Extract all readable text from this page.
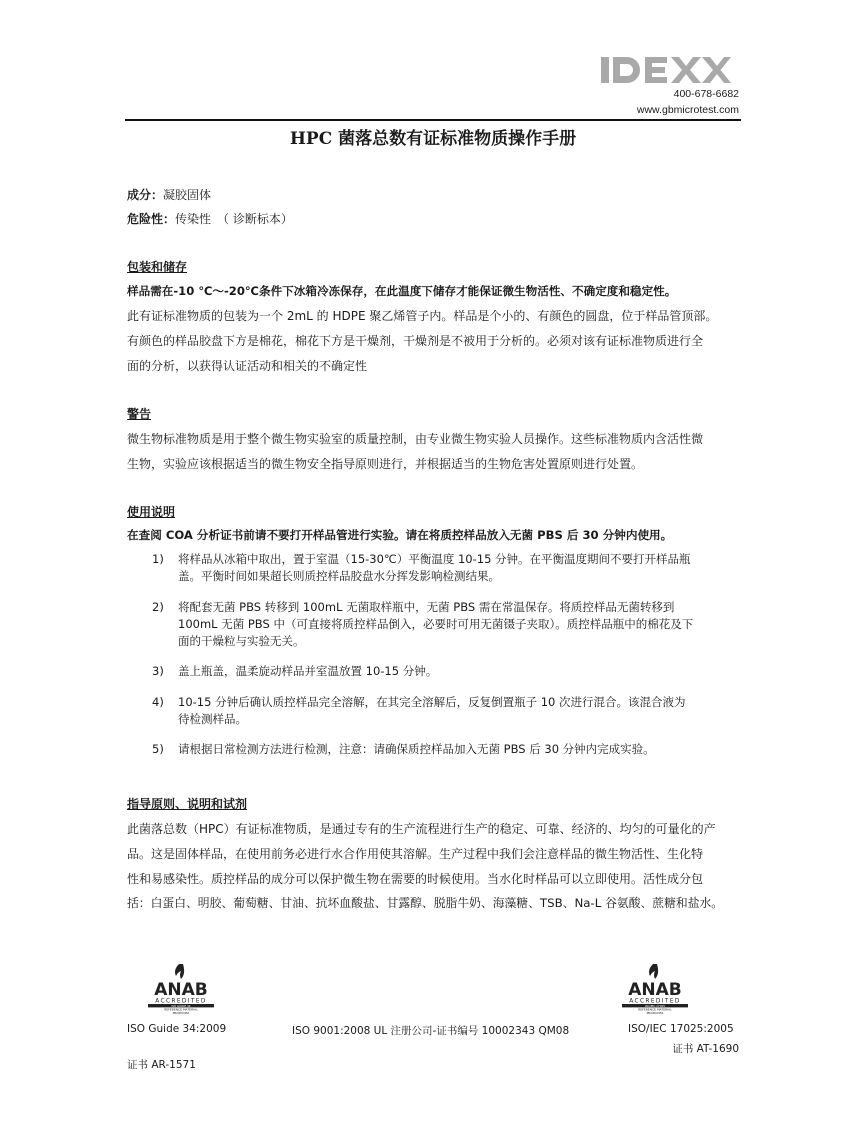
400-678-6682
www.gbmicrotest.com
HPC 菌落总数有证标准物质操作手册
成分：凝胶固体
危险性：传染性　（ 诊断标本）
包装和储存
样品需在-10 ℃～-20℃条件下冰箱冷冻保存，在此温度下储存才能保证微生物活性、不确定度和稳定性。
此有证标准物质的包装为一个 2mL 的 HDPE 聚乙烯管子内。样品是个小的、有颜色的圆盘，位于样品管顶部。
有颜色的样品胶盘下方是棉花，棉花下方是干燥剂，干燥剂是不被用于分析的。必须对该有证标准物质进行全
面的分析，以获得认证活动和相关的不确定性
警告
微生物标准物质是用于整个微生物实验室的质量控制，由专业微生物实验人员操作。这些标准物质内含活性微
生物，实验应该根据适当的微生物安全指导原则进行，并根据适当的生物危害处置原则进行处置。
使用说明
在查阅 COA 分析证书前请不要打开样品管进行实验。请在将质控样品放入无菌 PBS 后 30 分钟内使用。
1)	将样品从冰箱中取出，置于室温（15-30℃）平衡温度 10-15 分钟。在平衡温度期间不要打开样品瓶
盖。平衡时间如果超长则质控样品胶盘水分挥发影响检测结果。
2)	将配套无菌 PBS 转移到 100mL 无菌取样瓶中，无菌 PBS 需在常温保存。将质控样品无菌转移到
100mL 无菌 PBS 中（可直接将质控样品倒入，必要时可用无菌镊子夹取）。质控样品瓶中的棉花及下
面的干燥粒与实验无关。
3)	盖上瓶盖，温柔旋动样品并室温放置 10-15 分钟。
4)	10-15 分钟后确认质控样品完全溶解，在其完全溶解后，反复倒置瓶子 10 次进行混合。该混合液为
待检测样品。
5)	请根据日常检测方法进行检测，注意：请确保质控样品加入无菌 PBS 后 30 分钟内完成实验。
指导原则、说明和试剂
此菌落总数（HPC）有证标准物质，是通过专有的生产流程进行生产的稳定、可靠、经济的、均匀的可量化的产
品。这是固体样品，在使用前务必进行水合作用使其溶解。生产过程中我们会注意样品的微生物活性、生化特
性和易感染性。质控样品的成分可以保护微生物在需要的时候使用。当水化时样品可以立即使用。活性成分包
括：白蛋白、明胶、葡萄糖、甘油、抗坏血酸盐、甘露醇、脱脂牛奶、海藻糖、TSB、Na-L 谷氨酸、蔗糖和盐水。
ANAB
ACCREDITED
ISO GUIDE 34
REFERENCE MATERIAL
PRODUCER
ANAB
ACCREDITED
ISO/IEC 17025
REFERENCE MATERIAL
PRODUCER
ISO Guide 34:2009	ISO 9001:2008 UL 注册公司-证书编号 10002343 QM08	ISO/IEC 17025:2005
证书 AT-1690
证书 AR-1571
